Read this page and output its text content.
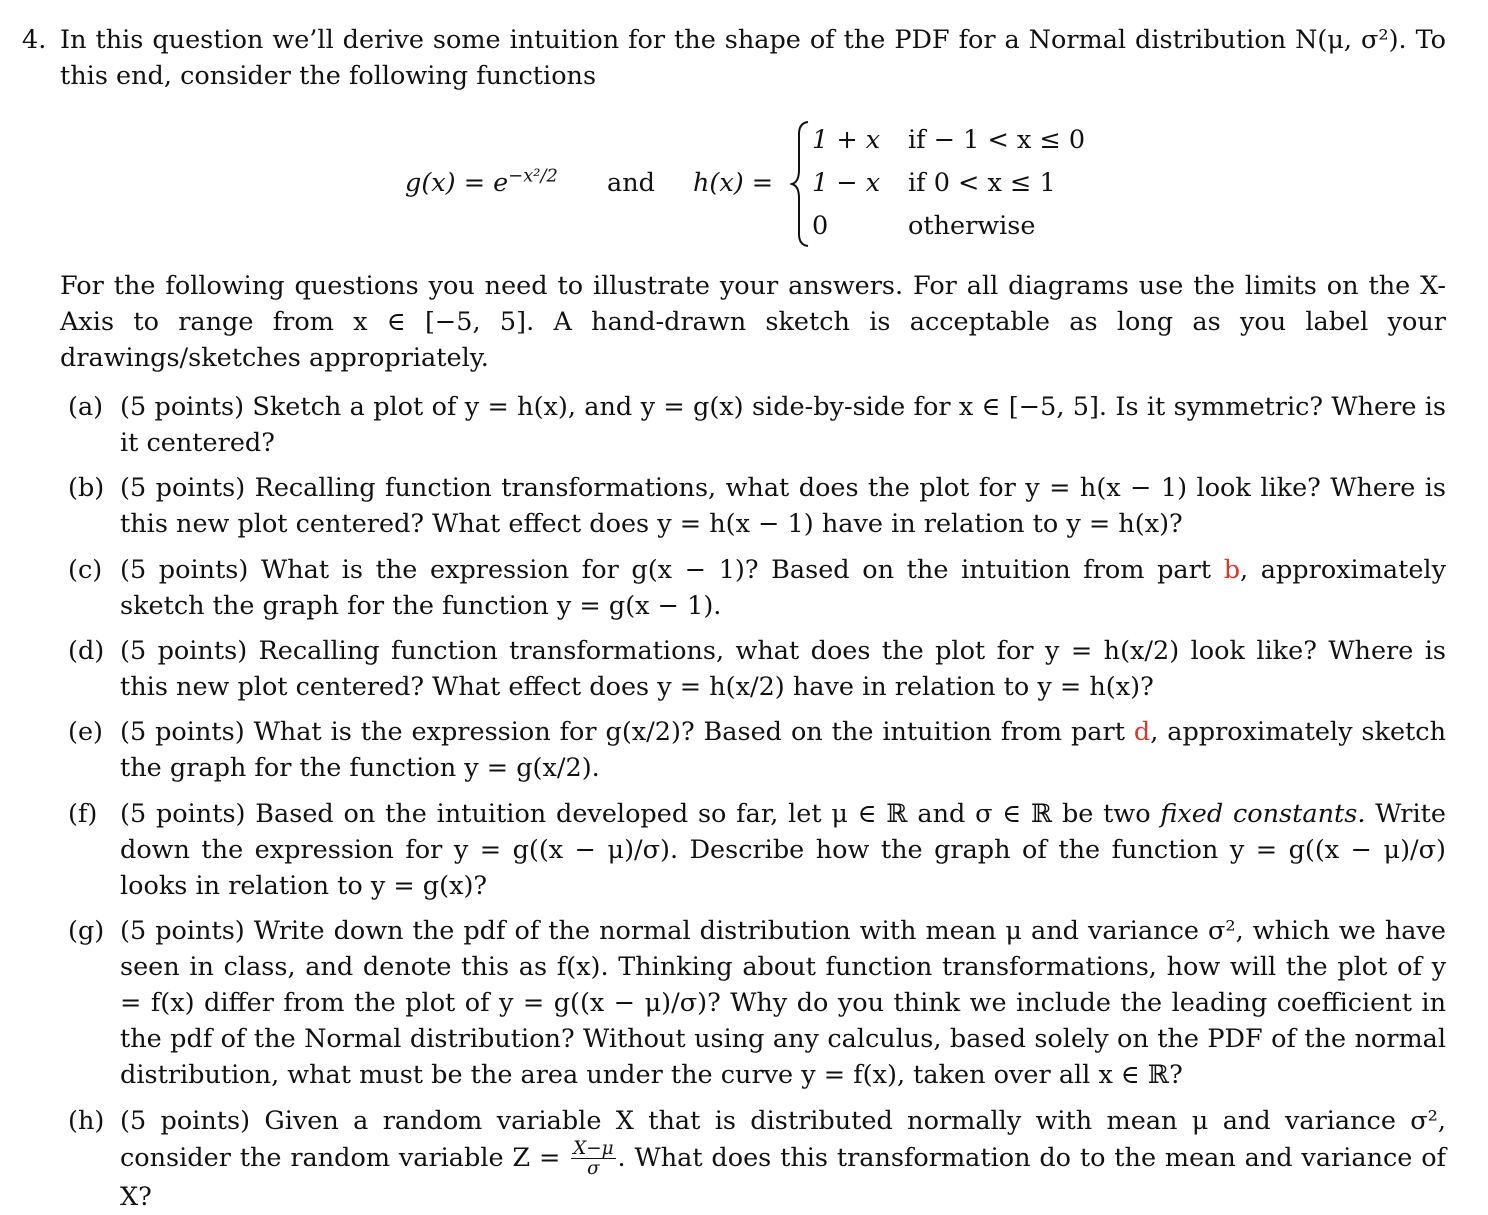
4. In this question we’ll derive some intuition for the shape of the PDF for a Normal distribution N(μ, σ²). To this end, consider the following functions
$g(x) = e^{-x^2/2}$ and h(x) =
1 + x if − 1 < x ≤ 0
1 − x if 0 < x ≤ 1
0	otherwise
For the following questions you need to illustrate your answers. For all diagrams use the limits on the X-Axis to range from x ∈ [−5, 5]. A hand-drawn sketch is acceptable as long as you label your drawings/sketches appropriately.
(a) (5 points) Sketch a plot of y = h(x), and y = g(x) side-by-side for x ∈ [−5, 5]. Is it symmetric? Where is it centered?
(b) (5 points) Recalling function transformations, what does the plot for y = h(x − 1) look like? Where is this new plot centered? What effect does y = h(x − 1) have in relation to y = h(x)?
(c) (5 points) What is the expression for g(x − 1)? Based on the intuition from part b, approximately sketch the graph for the function y = g(x − 1).
(d) (5 points) Recalling function transformations, what does the plot for y = h(x/2) look like? Where is this new plot centered? What effect does y = h(x/2) have in relation to y = h(x)?
(e) (5 points) What is the expression for g(x/2)? Based on the intuition from part d, approximately sketch the graph for the function y = g(x/2).
(f) (5 points) Based on the intuition developed so far, let μ ∈ ℝ and σ ∈ ℝ be two fixed constants. Write down the expression for y = g((x − μ)/σ). Describe how the graph of the function y = g((x − μ)/σ) looks in relation to y = g(x)?
(g) (5 points) Write down the pdf of the normal distribution with mean μ and variance σ², which we have seen in class, and denote this as f(x). Thinking about function transformations, how will the plot of y = f(x) differ from the plot of y = g((x − μ)/σ)? Why do you think we include the leading coefficient in the pdf of the Normal distribution? Without using any calculus, based solely on the PDF of the normal distribution, what must be the area under the curve y = f(x), taken over all x ∈ ℝ?
(h) (5 points) Given a random variable X that is distributed normally with mean μ and variance σ², consider the random variable $Z = \frac{X-\mu}{\sigma}$ . What does this transformation do to the mean and variance of X?
